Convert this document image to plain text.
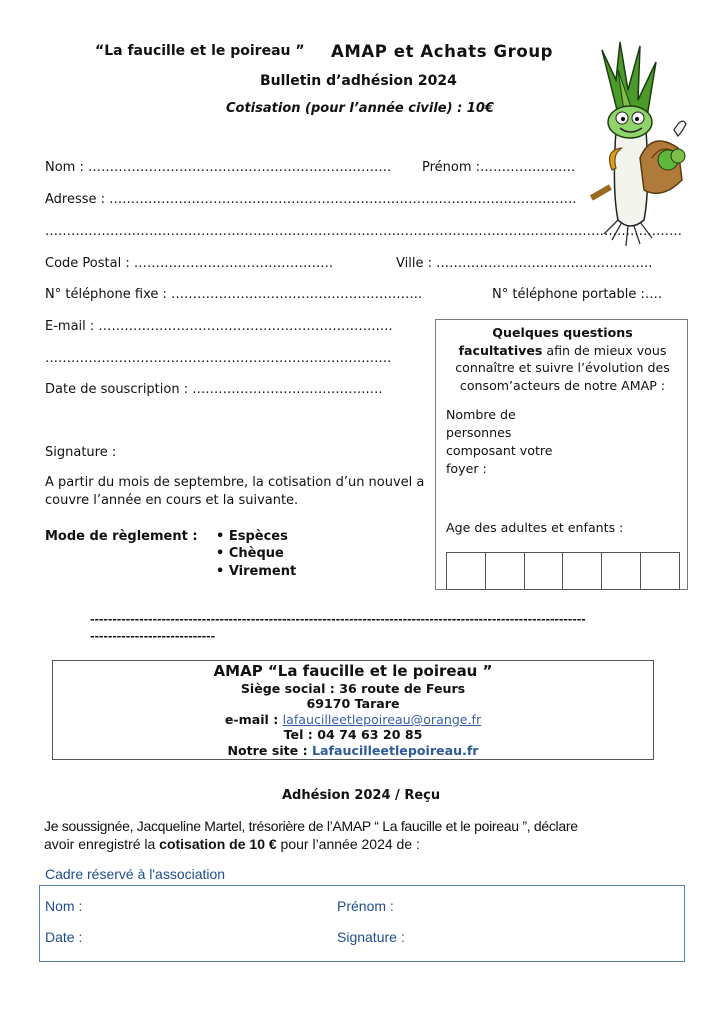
“La faucille et le poireau ” AMAP et Achats Group
Bulletin d’adhésion 2024
Cotisation (pour l’année civile) : 10€
Nom : ……………………………………………………………. Prénom :………………….
Adresse : …………………………………………………………………………………….….…….
…………………………………………………………………………………………………………………………………
Code Postal : ……………………………………….	Ville : …………………………………………..
N° téléphone fixe : ………………………………………………….	N° téléphone portable :….
E-mail : ……………………………………………………….….
……………………………………………………………….…….
Date de souscription : ………………………………….….
Signature :
A partir du mois de septembre, la cotisation d’un nouvel a
couvre l’année en cours et la suivante.
Mode de règlement : • Espèces
• Chèque
• Virement
Quelques questions
facultatives afin de mieux vous
connaître et suivre l’évolution des
consom’acteurs de notre AMAP :
Nombre de personnes composant votre foyer :
Age des adultes et enfants :
---------------------------------------------------------------------------------------------------------------
----------------------------
AMAP “La faucille et le poireau ”
Siège social : 36 route de Feurs
69170 Tarare
e-mail : lafaucilleetlepoireau@orange.fr
Tel : 04 74 63 20 85
Notre site : Lafaucilleetlepoireau.fr
Adhésion 2024 / Reçu
Je soussignée, Jacqueline Martel, trésorière de l’AMAP “ La faucille et le poireau ”, déclare
avoir enregistré la cotisation de 10 € pour l’année 2024 de :
Cadre réservé à l'association
Nom :	Prénom :
Date :	Signature :
